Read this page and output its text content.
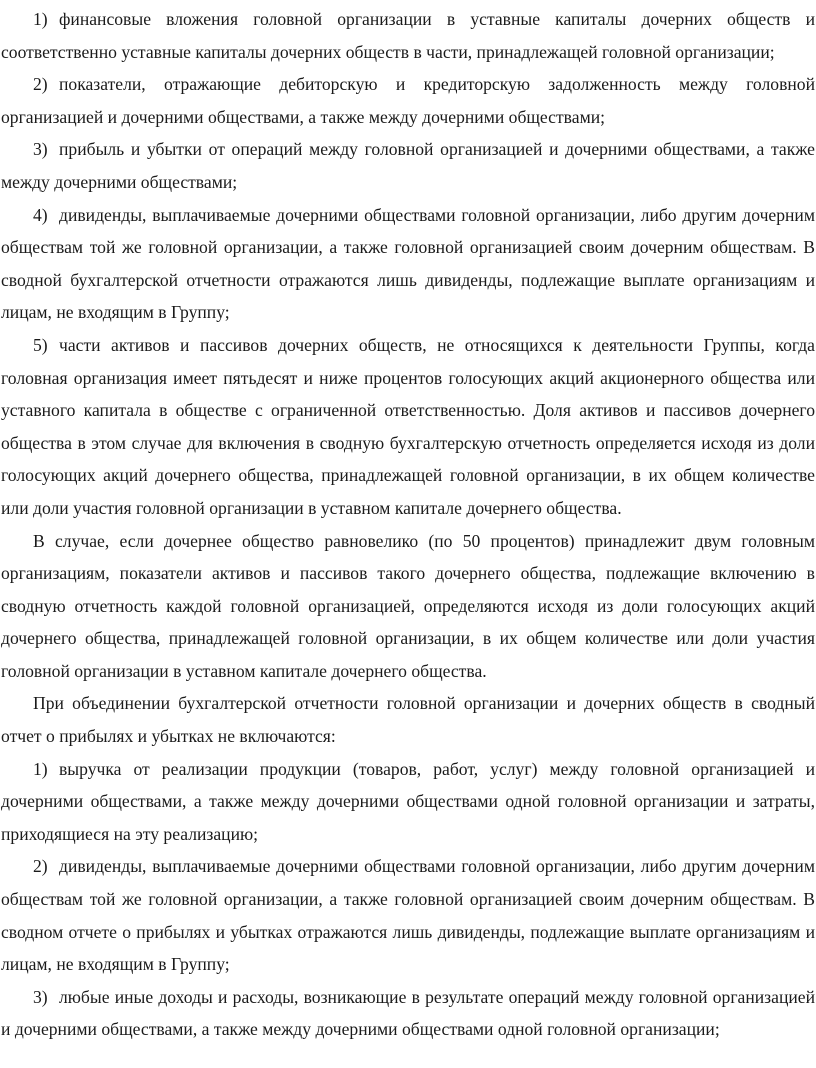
1) финансовые вложения головной организации в уставные капиталы дочерних обществ и соответственно уставные капиталы дочерних обществ в части, принадлежащей головной организации;

2) показатели, отражающие дебиторскую и кредиторскую задолженность между головной организацией и дочерними обществами, а также между дочерними обществами;

3) прибыль и убытки от операций между головной организацией и дочерними обществами, а также между дочерними обществами;

4) дивиденды, выплачиваемые дочерними обществами головной организации, либо другим дочерним обществам той же головной организации, а также головной организацией своим дочерним обществам. В сводной бухгалтерской отчетности отражаются лишь дивиденды, подлежащие выплате организациям и лицам, не входящим в Группу;

5) части активов и пассивов дочерних обществ, не относящихся к деятельности Группы, когда головная организация имеет пятьдесят и ниже процентов голосующих акций акционерного общества или уставного капитала в обществе с ограниченной ответственностью. Доля активов и пассивов дочернего общества в этом случае для включения в сводную бухгалтерскую отчетность определяется исходя из доли голосующих акций дочернего общества, принадлежащей головной организации, в их общем количестве или доли участия головной организации в уставном капитале дочернего общества.

В случае, если дочернее общество равновелико (по 50 процентов) принадлежит двум головным организациям, показатели активов и пассивов такого дочернего общества, подлежащие включению в сводную отчетность каждой головной организацией, определяются исходя из доли голосующих акций дочернего общества, принадлежащей головной организации, в их общем количестве или доли участия головной организации в уставном капитале дочернего общества.

При объединении бухгалтерской отчетности головной организации и дочерних обществ в сводный отчет о прибылях и убытках не включаются:

1) выручка от реализации продукции (товаров, работ, услуг) между головной организацией и дочерними обществами, а также между дочерними обществами одной головной организации и затраты, приходящиеся на эту реализацию;

2) дивиденды, выплачиваемые дочерними обществами головной организации, либо другим дочерним обществам той же головной организации, а также головной организацией своим дочерним обществам. В сводном отчете о прибылях и убытках отражаются лишь дивиденды, подлежащие выплате организациям и лицам, не входящим в Группу;

3) любые иные доходы и расходы, возникающие в результате операций между головной организацией и дочерними обществами, а также между дочерними обществами одной головной организации;
